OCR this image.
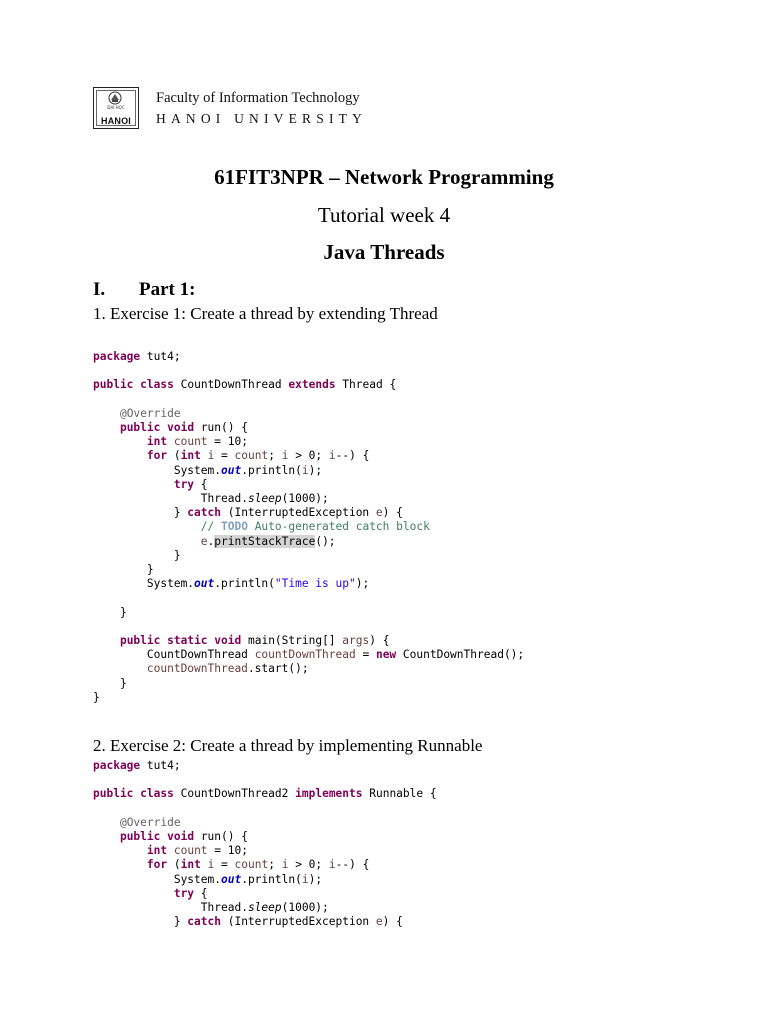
ĐẠI HỌC
HANOI
Faculty of Information Technology
HANOI UNIVERSITY
61FIT3NPR – Network Programming
Tutorial week 4
Java Threads
I. Part 1:
1. Exercise 1: Create a thread by extending Thread
package tut4;

public class CountDownThread extends Thread {

@Override
public void run() {
int count = 10;
for (int i = count; i > 0; i--) {
System.out.println(i);
try {
Thread.sleep(1000);
} catch (InterruptedException e) {
// TODO Auto-generated catch block
e.printStackTrace();
}
}
System.out.println("Time is up");

}

public static void main(String[] args) {
CountDownThread countDownThread = new CountDownThread();
countDownThread.start();
}
}
2. Exercise 2: Create a thread by implementing Runnable
package tut4;

public class CountDownThread2 implements Runnable {

@Override
public void run() {
int count = 10;
for (int i = count; i > 0; i--) {
System.out.println(i);
try {
Thread.sleep(1000);
} catch (InterruptedException e) {
